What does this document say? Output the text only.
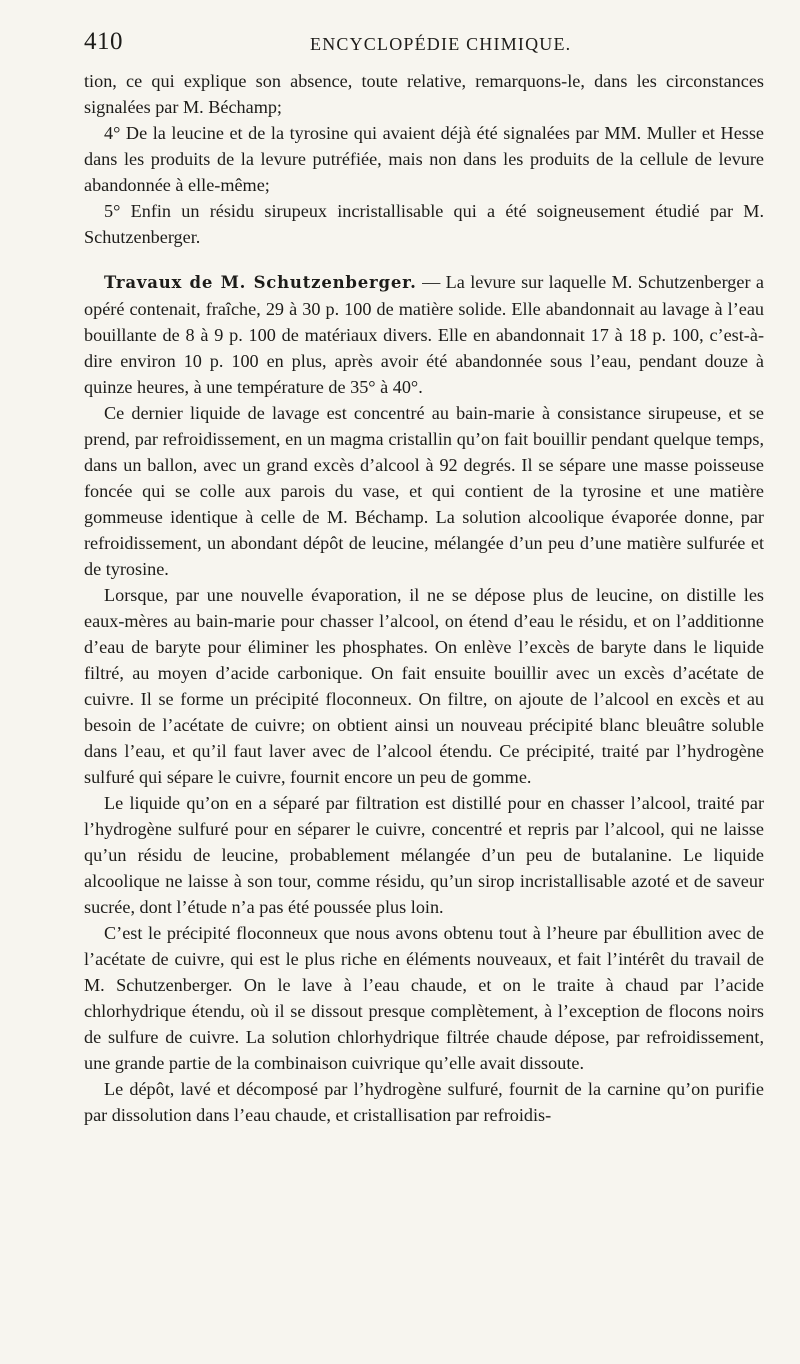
410	ENCYCLOPÉDIE CHIMIQUE.

tion, ce qui explique son absence, toute relative, remarquons-le, dans les circonstances signalées par M. Béchamp;

4° De la leucine et de la tyrosine qui avaient déjà été signalées par MM. Muller et Hesse dans les produits de la levure putréfiée, mais non dans les produits de la cellule de levure abandonnée à elle-même;

5° Enfin un résidu sirupeux incristallisable qui a été soigneusement étudié par M. Schutzenberger.

Travaux de M. Schutzenberger. — La levure sur laquelle M. Schutzenberger a opéré contenait, fraîche, 29 à 30 p. 100 de matière solide. Elle abandonnait au lavage à l’eau bouillante de 8 à 9 p. 100 de matériaux divers. Elle en abandonnait 17 à 18 p. 100, c’est-à-dire environ 10 p. 100 en plus, après avoir été abandonnée sous l’eau, pendant douze à quinze heures, à une température de 35° à 40°.

Ce dernier liquide de lavage est concentré au bain-marie à consistance sirupeuse, et se prend, par refroidissement, en un magma cristallin qu’on fait bouillir pendant quelque temps, dans un ballon, avec un grand excès d’alcool à 92 degrés. Il se sépare une masse poisseuse foncée qui se colle aux parois du vase, et qui contient de la tyrosine et une matière gommeuse identique à celle de M. Béchamp. La solution alcoolique évaporée donne, par refroidissement, un abondant dépôt de leucine, mélangée d’un peu d’une matière sulfurée et de tyrosine.

Lorsque, par une nouvelle évaporation, il ne se dépose plus de leucine, on distille les eaux-mères au bain-marie pour chasser l’alcool, on étend d’eau le résidu, et on l’additionne d’eau de baryte pour éliminer les phosphates. On enlève l’excès de baryte dans le liquide filtré, au moyen d’acide carbonique. On fait ensuite bouillir avec un excès d’acétate de cuivre. Il se forme un précipité floconneux. On filtre, on ajoute de l’alcool en excès et au besoin de l’acétate de cuivre; on obtient ainsi un nouveau précipité blanc bleuâtre soluble dans l’eau, et qu’il faut laver avec de l’alcool étendu. Ce précipité, traité par l’hydrogène sulfuré qui sépare le cuivre, fournit encore un peu de gomme.

Le liquide qu’on en a séparé par filtration est distillé pour en chasser l’alcool, traité par l’hydrogène sulfuré pour en séparer le cuivre, concentré et repris par l’alcool, qui ne laisse qu’un résidu de leucine, probablement mélangée d’un peu de butalanine. Le liquide alcoolique ne laisse à son tour, comme résidu, qu’un sirop incristallisable azoté et de saveur sucrée, dont l’étude n’a pas été poussée plus loin.

C’est le précipité floconneux que nous avons obtenu tout à l’heure par ébullition avec de l’acétate de cuivre, qui est le plus riche en éléments nouveaux, et fait l’intérêt du travail de M. Schutzenberger. On le lave à l’eau chaude, et on le traite à chaud par l’acide chlorhydrique étendu, où il se dissout presque complètement, à l’exception de flocons noirs de sulfure de cuivre. La solution chlorhydrique filtrée chaude dépose, par refroidissement, une grande partie de la combinaison cuivrique qu’elle avait dissoute.

Le dépôt, lavé et décomposé par l’hydrogène sulfuré, fournit de la carnine qu’on purifie par dissolution dans l’eau chaude, et cristallisation par refroidis-
